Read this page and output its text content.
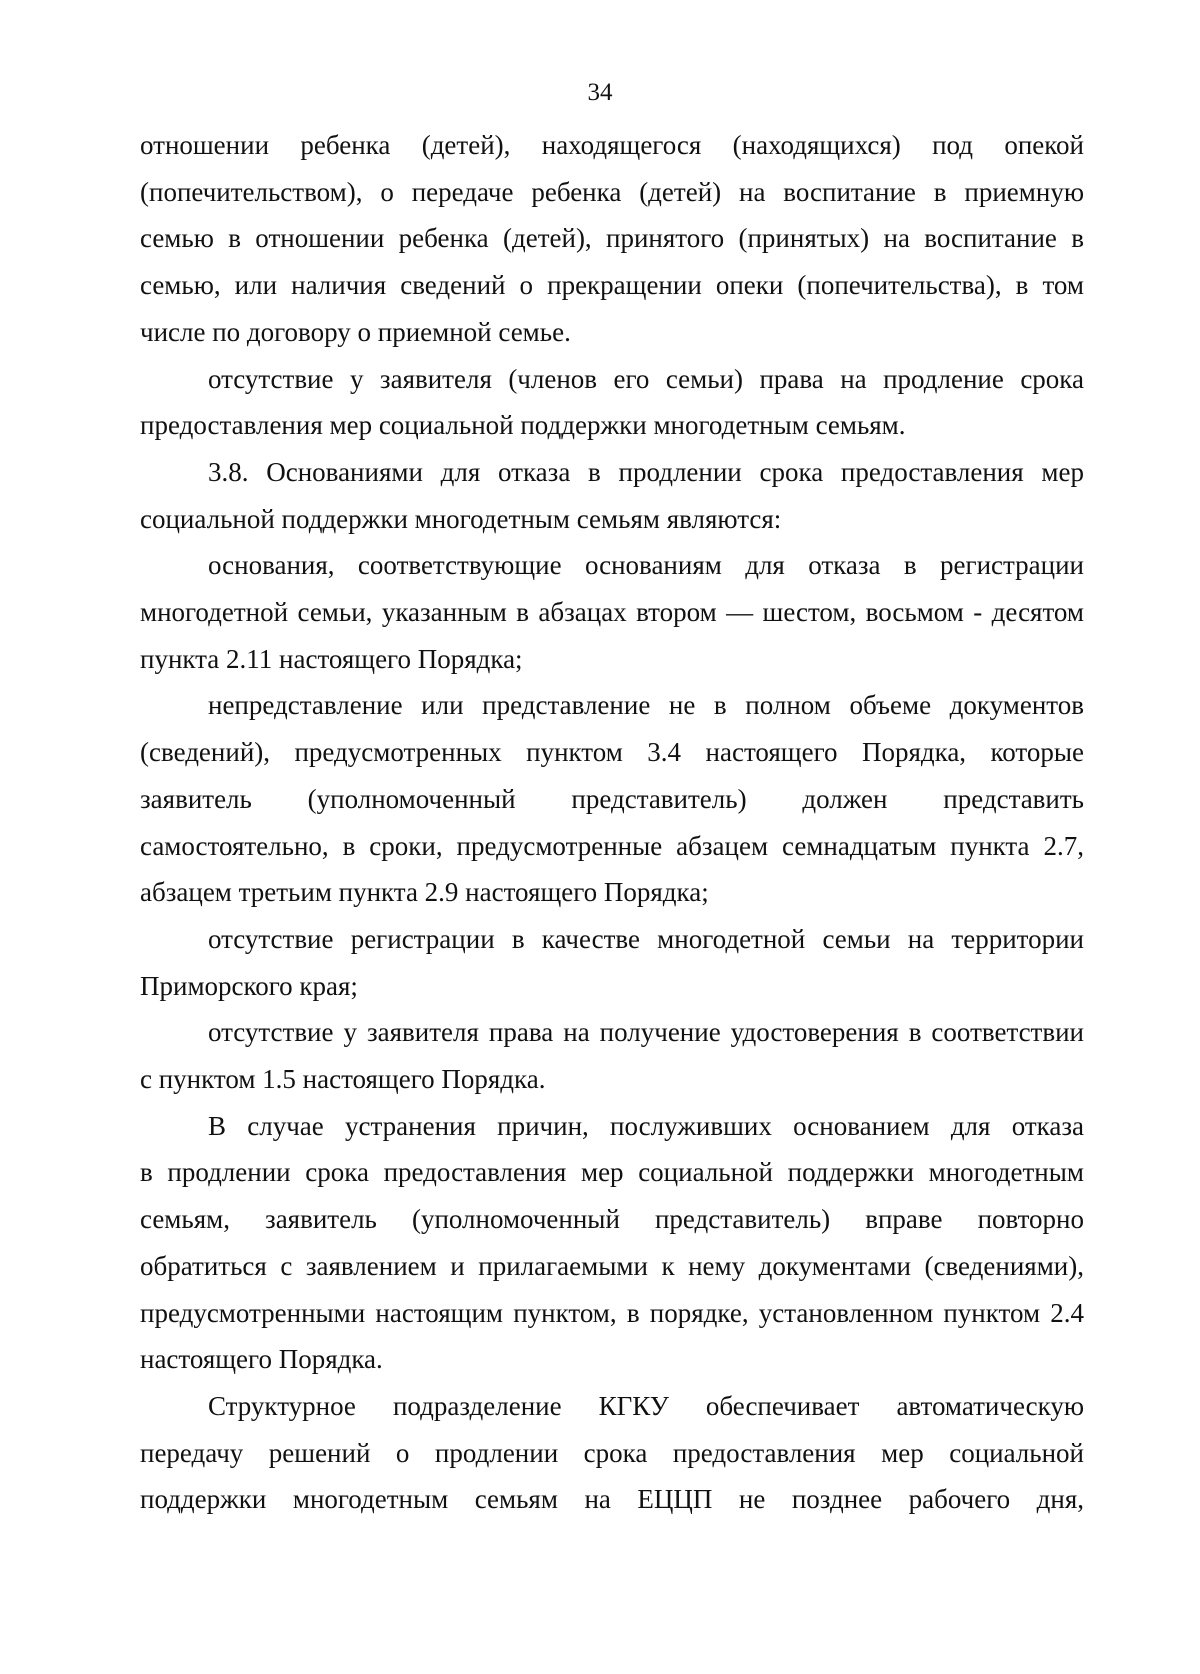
34
отношении ребенка (детей), находящегося (находящихся) под опекой
(попечительством), о передаче ребенка (детей) на воспитание в приемную
семью в отношении ребенка (детей), принятого (принятых) на воспитание в
семью, или наличия сведений о прекращении опеки (попечительства), в том
числе по договору о приемной семье.
отсутствие у заявителя (членов его семьи) права на продление срока
предоставления мер социальной поддержки многодетным семьям.
3.8. Основаниями для отказа в продлении срока предоставления мер
социальной поддержки многодетным семьям являются:
основания, соответствующие основаниям для отказа в регистрации
многодетной семьи, указанным в абзацах втором — шестом, восьмом - десятом
пункта 2.11 настоящего Порядка;
непредставление или представление не в полном объеме документов
(сведений), предусмотренных пунктом 3.4 настоящего Порядка, которые
заявитель (уполномоченный представитель) должен представить
самостоятельно, в сроки, предусмотренные абзацем семнадцатым пункта 2.7,
абзацем третьим пункта 2.9 настоящего Порядка;
отсутствие регистрации в качестве многодетной семьи на территории
Приморского края;
отсутствие у заявителя права на получение удостоверения в соответствии
с пунктом 1.5 настоящего Порядка.
В случае устранения причин, послуживших основанием для отказа
в продлении срока предоставления мер социальной поддержки многодетным
семьям, заявитель (уполномоченный представитель) вправе повторно
обратиться с заявлением и прилагаемыми к нему документами (сведениями),
предусмотренными настоящим пунктом, в порядке, установленном пунктом 2.4
настоящего Порядка.
Структурное подразделение КГКУ обеспечивает автоматическую
передачу решений о продлении срока предоставления мер социальной
поддержки многодетным семьям на ЕЦЦП не позднее рабочего дня,
